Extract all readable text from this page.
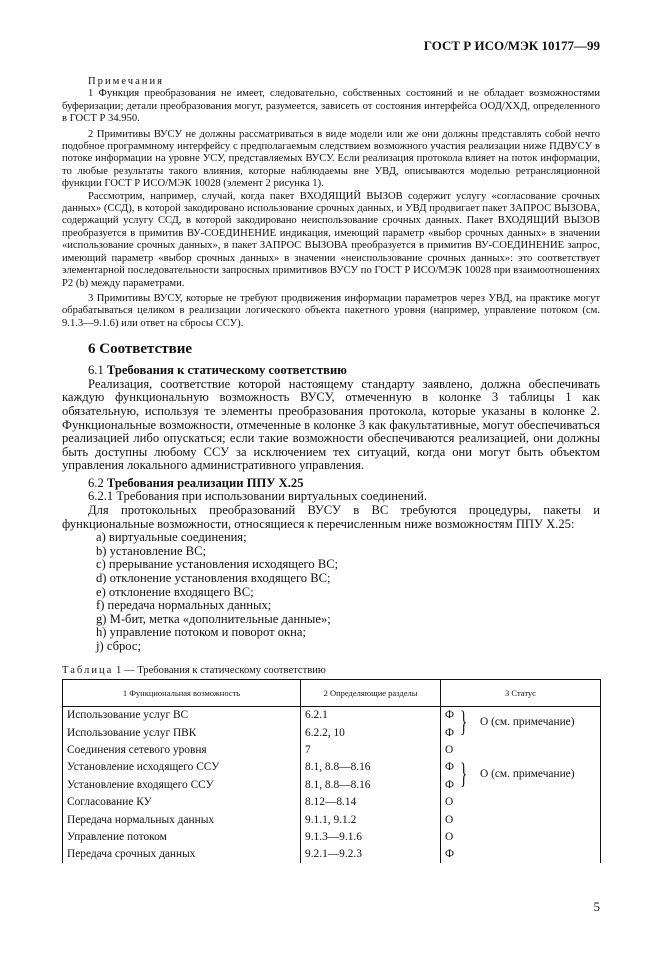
ГОСТ Р ИСО/МЭК 10177—99

Примечания

1 Функция преобразования не имеет, следовательно, собственных состояний и не обладает возможностями буферизации; детали преобразования могут, разумеется, зависеть от состояния интерфейса ООД/ХХД, определенного в ГОСТ Р 34.950.

2 Примитивы ВУСУ не должны рассматриваться в виде модели или же они должны представлять собой нечто подобное программному интерфейсу с предполагаемым следствием возможного участия реализации ниже ПДВУСУ в потоке информации на уровне УСУ, представляемых ВУСУ. Если реализация протокола влияет на поток информации, то любые результаты такого влияния, которые наблюдаемы вне УВД, описываются моделью ретрансляционной функции ГОСТ Р ИСО/МЭК 10028 (элемент 2 рисунка 1).

Рассмотрим, например, случай, когда пакет ВХОДЯЩИЙ ВЫЗОВ содержит услугу «согласование срочных данных» (ССД), в которой закодировано использование срочных данных, и УВД продвигает пакет ЗАПРОС ВЫЗОВА, содержащий услугу ССД, в которой закодировано неиспользование срочных данных. Пакет ВХОДЯЩИЙ ВЫЗОВ преобразуется в примитив ВУ-СОЕДИНЕНИЕ индикация, имеющий параметр «выбор срочных данных» в значении «использование срочных данных», в пакет ЗАПРОС ВЫЗОВА преобразуется в примитив ВУ-СОЕДИНЕНИЕ запрос, имеющий параметр «выбор срочных данных» в значении «неиспользование срочных данных»: это соответствует элементарной последовательности запросных примитивов ВУСУ по ГОСТ Р ИСО/МЭК 10028 при взаимоотношениях P2 (b) между параметрами.

3 Примитивы ВУСУ, которые не требуют продвижения информации параметров через УВД, на практике могут обрабатываться целиком в реализации логического объекта пакетного уровня (например, управление потоком (см. 9.1.3—9.1.6) или ответ на сбросы ССУ).

6 Соответствие

6.1 Требования к статическому соответствию

Реализация, соответствие которой настоящему стандарту заявлено, должна обеспечивать каждую функциональную возможность ВУСУ, отмеченную в колонке 3 таблицы 1 как обязательную, используя те элементы преобразования протокола, которые указаны в колонке 2. Функциональные возможности, отмеченные в колонке 3 как факультативные, могут обеспечиваться реализацией либо опускаться; если такие возможности обеспечиваются реализацией, они должны быть доступны любому ССУ за исключением тех ситуаций, когда они могут быть объектом управления локального административного управления.

6.2 Требования реализации ППУ X.25

6.2.1 Требования при использовании виртуальных соединений.

Для протокольных преобразований ВУСУ в ВС требуются процедуры, пакеты и функциональные возможности, относящиеся к перечисленным ниже возможностям ППУ X.25:

a) виртуальные соединения;
b) установление ВС;
c) прерывание установления исходящего ВС;
d) отклонение установления входящего ВС;
e) отклонение входящего ВС;
f) передача нормальных данных;
g) М-бит, метка «дополнительные данные»;
h) управление потоком и поворот окна;
j) сброс;
Таблица 1 — Требования к статическому соответствию
1 Функциональная возможность	2 Определяющие разделы	3 Статус
Использование услуг ВС	6.2.1	Ф
Использование услуг ПВК	6.2.2, 10	Ф
Соединения сетевого уровня	7	О
Установление исходящего ССУ	8.1, 8.8—8.16	Ф
Установление входящего ССУ	8.1, 8.8—8.16	Ф
Согласование КУ	8.12—8.14	О
Передача нормальных данных	9.1.1, 9.1.2	О
Управление потоком	9.1.3—9.1.6	О
Передача срочных данных	9.2.1—9.2.3	Ф
} О (см. примечание)
} О (см. примечание)
5
